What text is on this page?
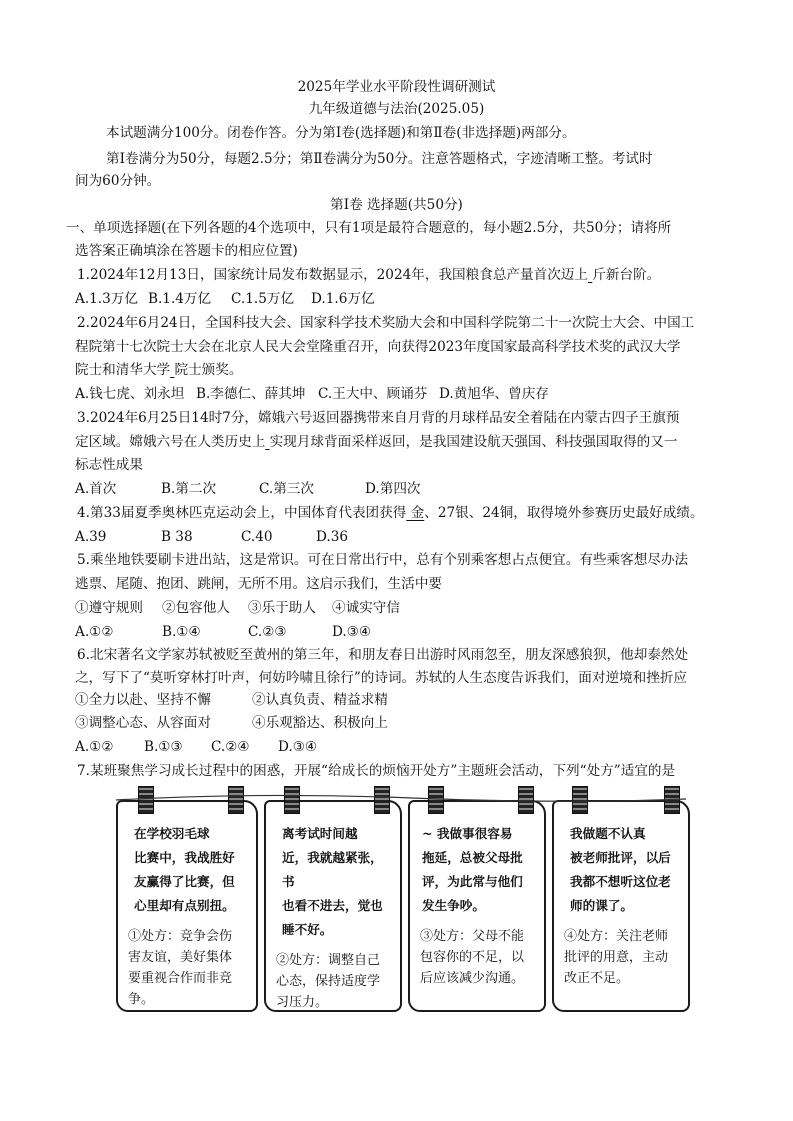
2025年学业水平阶段性调研测试
九年级道德与法治(2025.05)
本试题满分100分。闭卷作答。分为第Ⅰ卷(选择题)和第Ⅱ卷(非选择题)两部分。
第Ⅰ卷满分为50分，每题2.5分；第Ⅱ卷满分为50分。注意答题格式，字迹清晰工整。考试时
间为60分钟。
第Ⅰ卷 选择题(共50分)
一、单项选择题(在下列各题的4个选项中，只有1项是最符合题意的，每小题2.5分，共50分；请将所
选答案正确填涂在答题卡的相应位置)
1.2024年12月13日，国家统计局发布数据显示，2024年，我国粮食总产量首次迈上 斤新台阶。
A.1.3万亿 B.1.4万亿 C.1.5万亿 D.1.6万亿
2.2024年6月24日，全国科技大会、国家科学技术奖励大会和中国科学院第二十一次院士大会、中国工
程院第十七次院士大会在北京人民大会堂隆重召开，向获得2023年度国家最高科学技术奖的武汉大学
院士和清华大学 院士颁奖。
A.钱七虎、刘永坦 B.李德仁、薛其坤 C.王大中、顾诵芬 D.黄旭华、曾庆存
3.2024年6月25日14时7分，嫦娥六号返回器携带来自月背的月球样品安全着陆在内蒙古四子王旗预
定区域。嫦娥六号在人类历史上 实现月球背面采样返回，是我国建设航天强国、科技强国取得的又一
标志性成果
A.首次	B.第二次	C.第三次	D.第四次
4.第33届夏季奥林匹克运动会上，中国体育代表团获得 金、27银、24铜，取得境外参赛历史最好成绩。
A.39	B 38	C.40	D.36
5.乘坐地铁要刷卡进出站，这是常识。可在日常出行中，总有个别乘客想占点便宜。有些乘客想尽办法
逃票、尾随、抱团、跳闸，无所不用。这启示我们，生活中要
①遵守规则 ②包容他人 ③乐于助人 ④诚实守信
A.①②	B.①④	C.②③	D.③④
6.北宋著名文学家苏轼被贬至黄州的第三年，和朋友春日出游时风雨忽至，朋友深感狼狈，他却泰然处
之，写下了“莫听穿林打叶声，何妨吟啸且徐行”的诗词。苏轼的人生态度告诉我们，面对逆境和挫折应
①全力以赴、坚持不懈	②认真负责、精益求精
③调整心态、从容面对	④乐观豁达、积极向上
A.①② B.①③ C.②④ D.③④
7.某班聚焦学习成长过程中的困惑，开展“给成长的烦恼开处方”主题班会活动，下列“处方”适宜的是

在学校羽毛球
比赛中，我战胜好
友赢得了比赛，但
心里却有点别扭。

①处方：竞争会伤
害友谊，美好集体
要重视合作而非竞
争。

离考试时间越
近，我就越紧张，书
也看不进去，觉也
睡不好。

②处方：调整自己
心态，保持适度学
习压力。

~ 我做事很容易
拖延，总被父母批
评，为此常与他们
发生争吵。

③处方：父母不能
包容你的不足，以
后应该减少沟通。

我做题不认真
被老师批评，以后
我都不想听这位老
师的课了。

④处方：关注老师
批评的用意，主动
改正不足。
